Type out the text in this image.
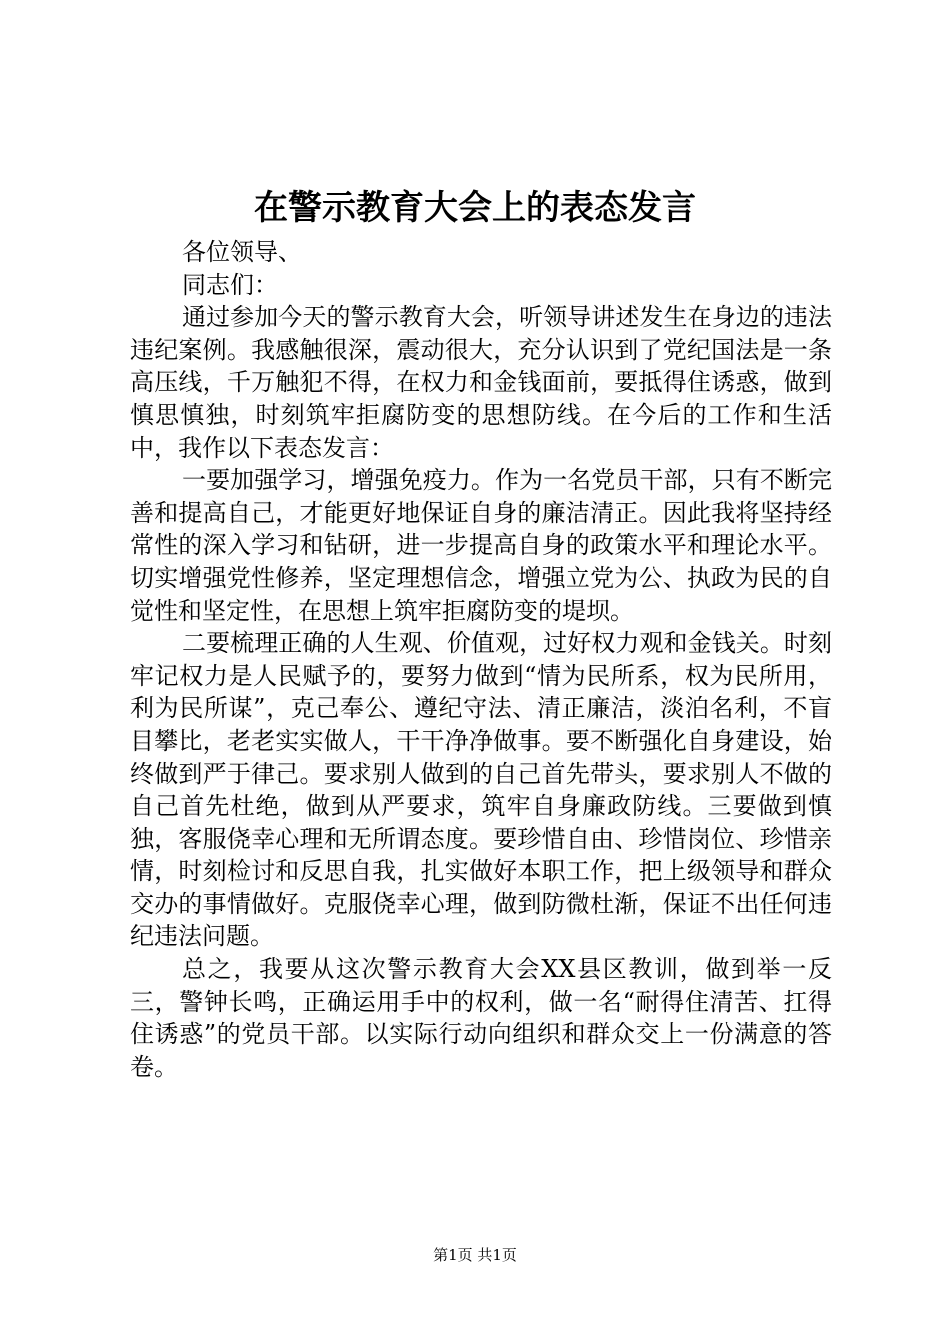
在警示教育大会上的表态发言

各位领导、

同志们：

通过参加今天的警示教育大会，听领导讲述发生在身边的违法违纪案例。我感触很深，震动很大，充分认识到了党纪国法是一条高压线，千万触犯不得，在权力和金钱面前，要抵得住诱惑，做到慎思慎独，时刻筑牢拒腐防变的思想防线。在今后的工作和生活中，我作以下表态发言：

一要加强学习，增强免疫力。作为一名党员干部，只有不断完善和提高自己，才能更好地保证自身的廉洁清正。因此我将坚持经常性的深入学习和钻研，进一步提高自身的政策水平和理论水平。切实增强党性修养，坚定理想信念，增强立党为公、执政为民的自觉性和坚定性，在思想上筑牢拒腐防变的堤坝。

二要梳理正确的人生观、价值观，过好权力观和金钱关。时刻牢记权力是人民赋予的，要努力做到“情为民所系，权为民所用，利为民所谋”，克己奉公、遵纪守法、清正廉洁，淡泊名利，不盲目攀比，老老实实做人，干干净净做事。要不断强化自身建设，始终做到严于律己。要求别人做到的自己首先带头，要求别人不做的自己首先杜绝，做到从严要求，筑牢自身廉政防线。三要做到慎独，客服侥幸心理和无所谓态度。要珍惜自由、珍惜岗位、珍惜亲情，时刻检讨和反思自我，扎实做好本职工作，把上级领导和群众交办的事情做好。克服侥幸心理，做到防微杜渐，保证不出任何违纪违法问题。

总之，我要从这次警示教育大会XX县区教训，做到举一反三，警钟长鸣，正确运用手中的权利，做一名“耐得住清苦、扛得住诱惑”的党员干部。以实际行动向组织和群众交上一份满意的答卷。

第1页 共1页
